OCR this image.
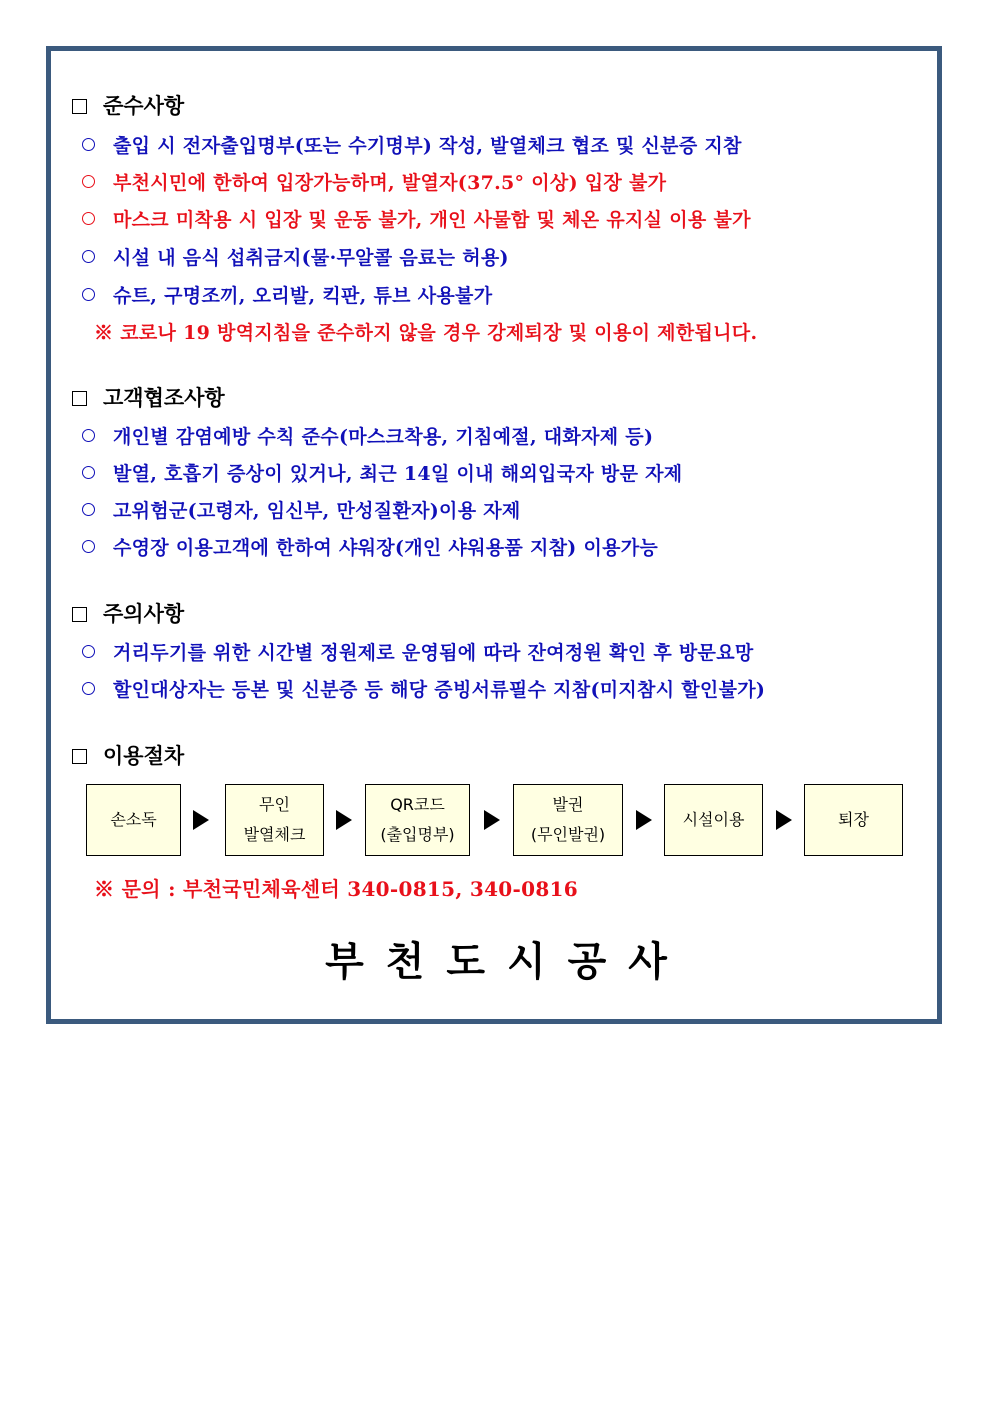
준수사항
출입 시 전자출입명부(또는 수기명부) 작성, 발열체크 협조 및 신분증 지참
부천시민에 한하여 입장가능하며, 발열자(37.5° 이상) 입장 불가
마스크 미착용 시 입장 및 운동 불가, 개인 사물함 및 체온 유지실 이용 불가
시설 내 음식 섭취금지(물·무알콜 음료는 허용)
슈트, 구명조끼, 오리발, 킥판, 튜브 사용불가
※ 코로나 19 방역지침을 준수하지 않을 경우 강제퇴장 및 이용이 제한됩니다.
고객협조사항
개인별 감염예방 수칙 준수(마스크착용, 기침예절, 대화자제 등)
발열, 호흡기 증상이 있거나, 최근 14일 이내 해외입국자 방문 자제
고위험군(고령자, 임신부, 만성질환자)이용 자제
수영장 이용고객에 한하여 샤워장(개인 샤워용품 지참) 이용가능
주의사항
거리두기를 위한 시간별 정원제로 운영됨에 따라 잔여정원 확인 후 방문요망
할인대상자는 등본 및 신분증 등 해당 증빙서류필수 지참(미지참시 할인불가)
이용절차
손소독
무인
발열체크
QR코드
(출입명부)
발권
(무인발권)
시설이용	퇴장
※ 문의 : 부천국민체육센터 340-0815, 340-0816
부천도시공사
